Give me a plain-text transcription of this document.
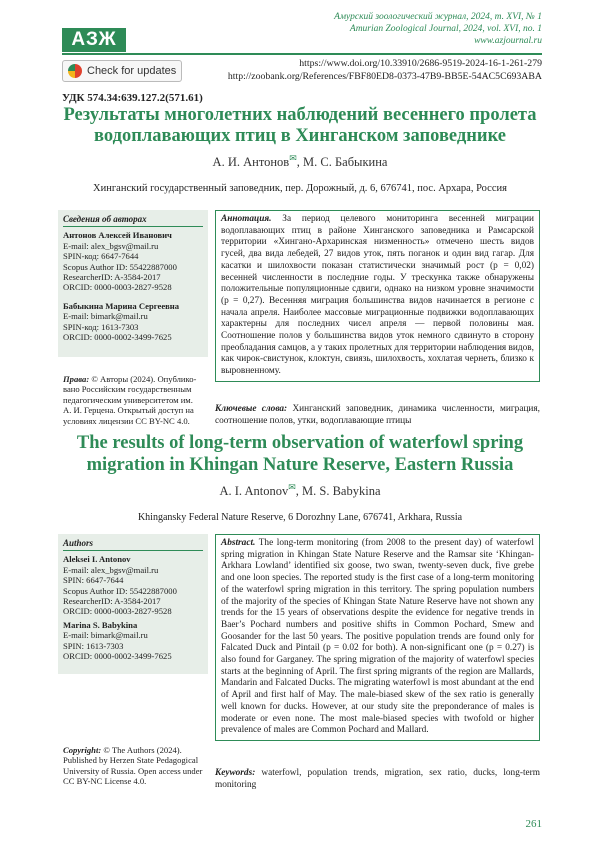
АЗЖ
Амурский зоологический журнал, 2024, т. XVI, № 1
Amurian Zoological Journal, 2024, vol. XVI, no. 1
www.azjournal.ru
Check for updates
https://www.doi.org/10.33910/2686-9519-2024-16-1-261-279
http://zoobank.org/References/FBF80ED8-0373-47B9-BB5E-54AC5C693ABA
УДК 574.34:639.127.2(571.61)
Результаты многолетних наблюдений весеннего пролета водоплавающих птиц в Хинганском заповеднике
А. И. Антонов✉, М. С. Бабыкина
Хинганский государственный заповедник, пер. Дорожный, д. 6, 676741, пос. Архара, Россия
Сведения об авторах
Антонов Алексей Иванович
E-mail: alex_bgsv@mail.ru
SPIN-код: 6647-7644
Scopus Author ID: 55422887000
ResearcherID: A-3584-2017
ORCID: 0000-0003-2827-9528
Бабыкина Марина Сергеевна
E-mail: bimark@mail.ru
SPIN-код: 1613-7303
ORCID: 0000-0002-3499-7625
Права: © Авторы (2024). Опублико-вано Российским государственным педагогическим университетом им. А. И. Герцена. Открытый доступ на условиях лицензии CC BY-NC 4.0.
Аннотация. За период целевого мониторинга весенней миграции водоплавающих птиц в районе Хинганского заповедника и Рамсарской территории «Хингано-Архаринская низменность» отмечено шесть видов гусей, два вида лебедей, 27 видов уток, пять поганок и один вид гагар. Для касатки и шилохвости показан статистически значимый рост (р = 0,02) весенней численности в последние годы. У трескунка также обнаружены положительные популяционные сдвиги, однако на низком уровне значимости (р = 0,27). Весенняя миграция большинства видов начинается в регионе с начала апреля. Наиболее массовые миграционные подвижки водоплавающих характерны для последних чисел апреля — первой половины мая. Соотношение полов у большинства видов уток немного сдвинуто в сторону преобладания самцов, а у таких пролетных для территории наблюдения видов, как чирок-свистунок, клоктун, свиязь, шилохвость, хохлатая чернеть, близко к выровненному.
Ключевые слова: Хинганский заповедник, динамика численности, миграция, соотношение полов, утки, водоплавающие птицы
The results of long-term observation of waterfowl spring migration in Khingan Nature Reserve, Eastern Russia
A. I. Antonov✉, M. S. Babykina
Khingansky Federal Nature Reserve, 6 Dorozhny Lane, 676741, Arkhara, Russia
Authors
Aleksei I. Antonov
E-mail: alex_bgsv@mail.ru
SPIN: 6647-7644
Scopus Author ID: 55422887000
ResearcherID: A-3584-2017
ORCID: 0000-0003-2827-9528
Marina S. Babykina
E-mail: bimark@mail.ru
SPIN: 1613-7303
ORCID: 0000-0002-3499-7625
Copyright: © The Authors (2024). Published by Herzen State Pedagogical University of Russia. Open access under CC BY-NC License 4.0.
Abstract. The long-term monitoring (from 2008 to the present day) of waterfowl spring migration in Khingan State Nature Reserve and the Ramsar site ‘Khingan-Arkhara Lowland’ identified six goose, two swan, twenty-seven duck, five grebe and one loon species. The reported study is the first case of a long-term monitoring of the waterfowl spring migration in this territory. The spring population numbers of the majority of the species of Khingan State Nature Reserve have not shown any trends for the 15 years of observations despite the evidence for negative trends in Baer’s Pochard numbers and positive shifts in Common Pochard, Smew and Goosander for the last 50 years. The positive population trends are found only for Falcated Duck and Pintail (p = 0.02 for both). A non-significant one (p = 0.27) is also found for Garganey. The spring migration of the majority of waterfowl species starts at the beginning of April. The first spring migrants of the region are Mallards, Mandarin and Falcated Ducks. The migrating waterfowl is most abundant at the end of April and first half of May. The male-biased skew of the sex ratio is generally well known for ducks. However, at our study site the preponderance of males is moderate or even none. The most male-biased species with twofold or higher prevalence of males are Common Pochard and Mallard.
Keywords: waterfowl, population trends, migration, sex ratio, ducks, long-term monitoring
261
